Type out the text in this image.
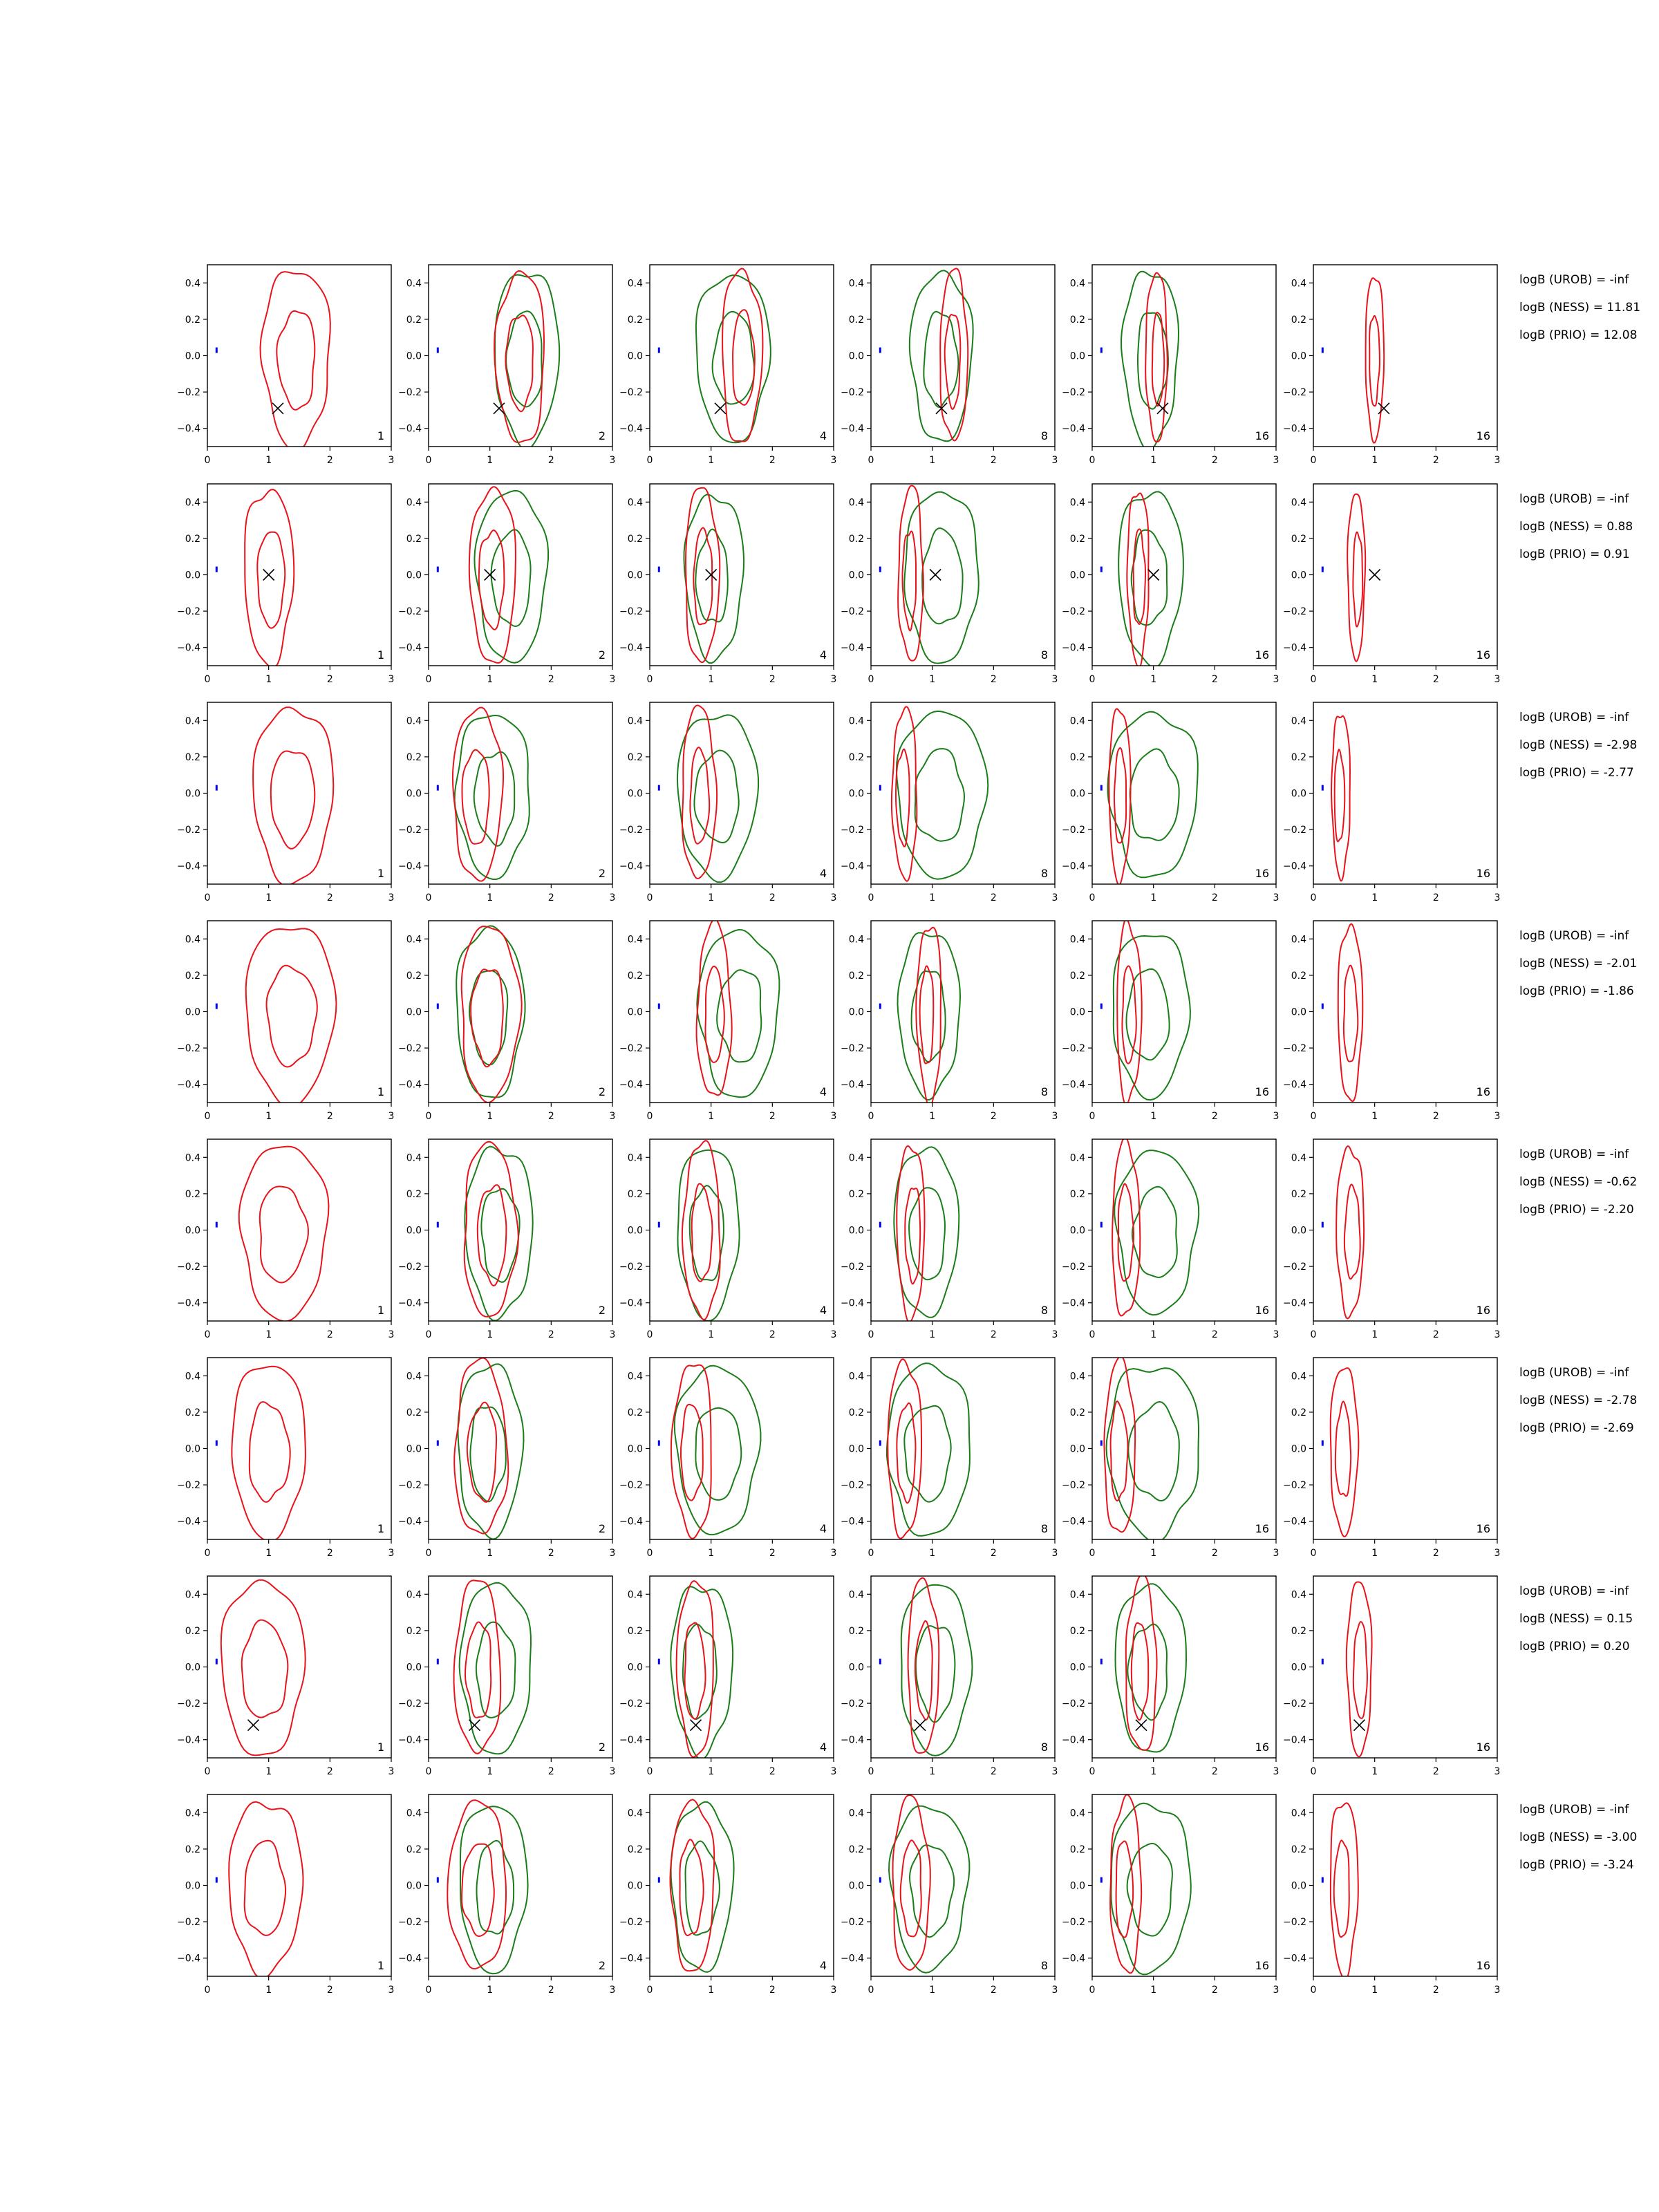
0	1	2	3
−0.4
−0.2
0.0
0.2
0.4
1
0	1	2	3
−0.4
−0.2
0.0
0.2
0.4
2
0	1	2	3
−0.4
−0.2
0.0
0.2
0.4
4
0	1	2	3
−0.4
−0.2
0.0
0.2
0.4
8
0	1	2	3
−0.4
−0.2
0.0
0.2
0.4
16
0	1	2	3
−0.4
−0.2
0.0
0.2
0.4
16
0	1	2	3
−0.4
−0.2
0.0
0.2
0.4
1
0	1	2	3
−0.4
−0.2
0.0
0.2
0.4
2
0	1	2	3
−0.4
−0.2
0.0
0.2
0.4
4
0	1	2	3
−0.4
−0.2
0.0
0.2
0.4
8
0	1	2	3
−0.4
−0.2
0.0
0.2
0.4
16
0	1	2	3
−0.4
−0.2
0.0
0.2
0.4
16
0	1	2	3
−0.4
−0.2
0.0
0.2
0.4
1
0	1	2	3
−0.4
−0.2
0.0
0.2
0.4
2
0	1	2	3
−0.4
−0.2
0.0
0.2
0.4
4
0	1	2	3
−0.4
−0.2
0.0
0.2
0.4
8
0	1	2	3
−0.4
−0.2
0.0
0.2
0.4
16
0	1	2	3
−0.4
−0.2
0.0
0.2
0.4
16
0	1	2	3
−0.4
−0.2
0.0
0.2
0.4
1
0	1	2	3
−0.4
−0.2
0.0
0.2
0.4
2
0	1	2	3
−0.4
−0.2
0.0
0.2
0.4
4
0	1	2	3
−0.4
−0.2
0.0
0.2
0.4
8
0	1	2	3
−0.4
−0.2
0.0
0.2
0.4
16
0	1	2	3
−0.4
−0.2
0.0
0.2
0.4
16
0	1	2	3
−0.4
−0.2
0.0
0.2
0.4
1
0	1	2	3
−0.4
−0.2
0.0
0.2
0.4
2
0	1	2	3
−0.4
−0.2
0.0
0.2
0.4
4
0	1	2	3
−0.4
−0.2
0.0
0.2
0.4
8
0	1	2	3
−0.4
−0.2
0.0
0.2
0.4
16
0	1	2	3
−0.4
−0.2
0.0
0.2
0.4
16
0	1	2	3
−0.4
−0.2
0.0
0.2
0.4
1
0	1	2	3
−0.4
−0.2
0.0
0.2
0.4
2
0	1	2	3
−0.4
−0.2
0.0
0.2
0.4
4
0	1	2	3
−0.4
−0.2
0.0
0.2
0.4
8
0	1	2	3
−0.4
−0.2
0.0
0.2
0.4
16
0	1	2	3
−0.4
−0.2
0.0
0.2
0.4
16
0	1	2	3
−0.4
−0.2
0.0
0.2
0.4
1
0	1	2	3
−0.4
−0.2
0.0
0.2
0.4
2
0	1	2	3
−0.4
−0.2
0.0
0.2
0.4
4
0	1	2	3
−0.4
−0.2
0.0
0.2
0.4
8
0	1	2	3
−0.4
−0.2
0.0
0.2
0.4
16
0	1	2	3
−0.4
−0.2
0.0
0.2
0.4
16
0	1	2	3
−0.4
−0.2
0.0
0.2
0.4
1
0	1	2	3
−0.4
−0.2
0.0
0.2
0.4
2
0	1	2	3
−0.4
−0.2
0.0
0.2
0.4
4
0	1	2	3
−0.4
−0.2
0.0
0.2
0.4
8
0	1	2	3
−0.4
−0.2
0.0
0.2
0.4
16
0	1	2	3
−0.4
−0.2
0.0
0.2
0.4
16
logB (UROB) = -inf
logB (NESS) = 11.81
logB (PRIO) = 12.08
logB (UROB) = -inf
logB (NESS) = 0.88
logB (PRIO) = 0.91
logB (UROB) = -inf
logB (NESS) = -2.98
logB (PRIO) = -2.77
logB (UROB) = -inf
logB (NESS) = -2.01
logB (PRIO) = -1.86
logB (UROB) = -inf
logB (NESS) = -0.62
logB (PRIO) = -2.20
logB (UROB) = -inf
logB (NESS) = -2.78
logB (PRIO) = -2.69
logB (UROB) = -inf
logB (NESS) = 0.15
logB (PRIO) = 0.20
logB (UROB) = -inf
logB (NESS) = -3.00
logB (PRIO) = -3.24
